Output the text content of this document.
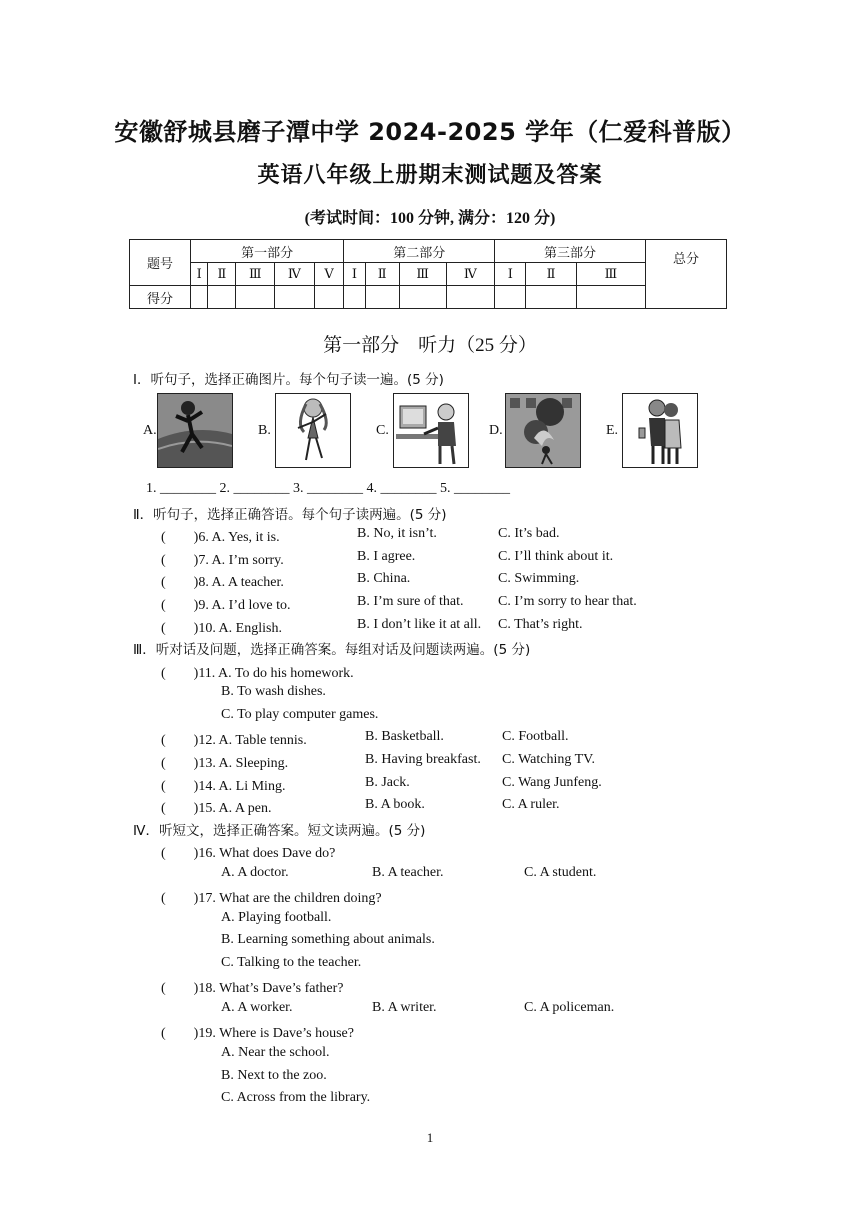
安徽舒城县磨子潭中学 2024-2025 学年（仁爱科普版）
英语八年级上册期末测试题及答案
(考试时间：100 分钟, 满分：120 分)
题号	第一部分					第二部分				第三部分			总分
	Ⅰ	Ⅱ	Ⅲ	Ⅳ	Ⅴ	Ⅰ	Ⅱ	Ⅲ	Ⅳ	Ⅰ	Ⅱ	Ⅲ	
得分													
第一部分　听力（25 分）
Ⅰ．听句子，选择正确图片。每个句子读一遍。(5 分)
A.	B.	C.	D.	E.
1. ________ 2. ________ 3. ________ 4. ________ 5. ________
Ⅱ．听句子，选择正确答语。每个句子读两遍。(5 分)
(　　)6. A. Yes, it is.	B. No, it isn’t.	C. It’s bad.
(　　)7. A. I’m sorry.	B. I agree.	C. I’ll think about it.
(　　)8. A. A teacher.	B. China.	C. Swimming.
(　　)9. A. I’d love to.	B. I’m sure of that. C. I’m sorry to hear that.
(　　)10. A. English.	B. I don’t like it at all. C. That’s right.
Ⅲ．听对话及问题，选择正确答案。每组对话及问题读两遍。(5 分)
(　　)11. A. To do his homework.
B. To wash dishes.
C. To play computer games.
(　　)12. A. Table tennis.	B. Basketball.	C. Football.
(　　)13. A. Sleeping.	B. Having breakfast. C. Watching TV.
(　　)14. A. Li Ming.	B. Jack.	C. Wang Junfeng.
(　　)15. A. A pen.	B. A book.	C. A ruler.
Ⅳ．听短文，选择正确答案。短文读两遍。(5 分)
(　　)16. What does Dave do?
A. A doctor.	B. A teacher.	C. A student.
(　　)17. What are the children doing?
A. Playing football.
B. Learning something about animals.
C. Talking to the teacher.
(　　)18. What’s Dave’s father?
A. A worker.	B. A writer.	C. A policeman.
(　　)19. Where is Dave’s house?
A. Near the school.
B. Next to the zoo.
C. Across from the library.
1
